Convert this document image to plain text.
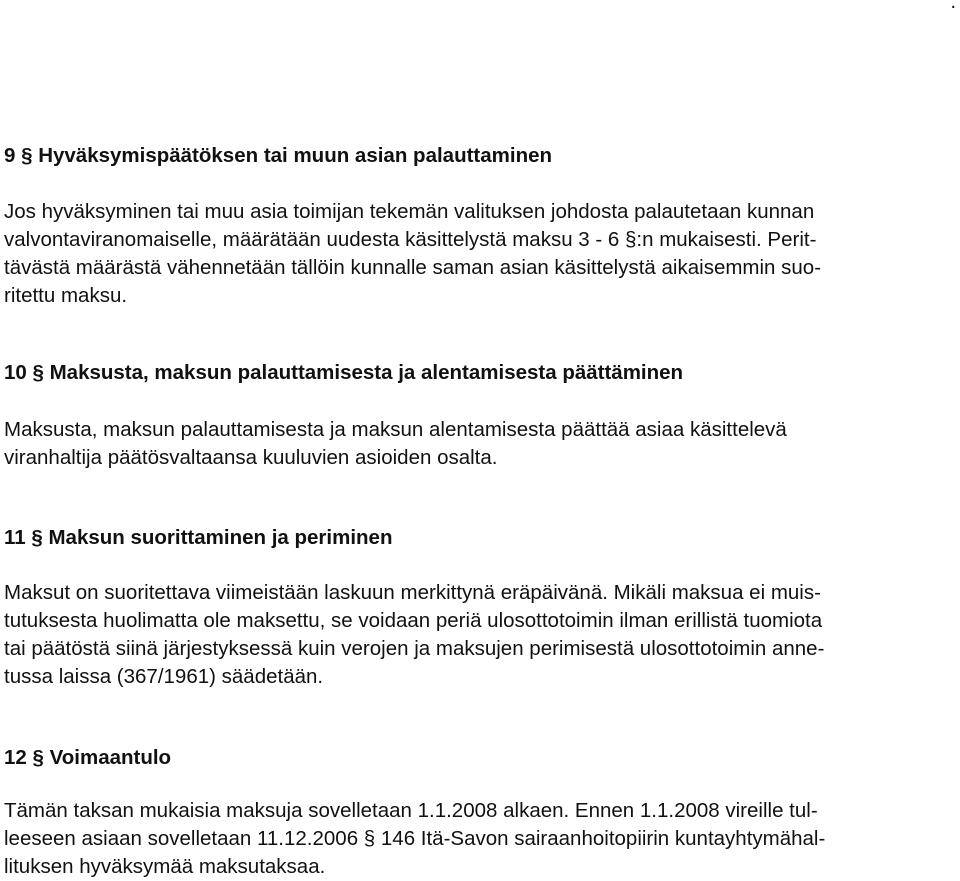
.
9 § Hyväksymispäätöksen tai muun asian palauttaminen
Jos hyväksyminen tai muu asia toimijan tekemän valituksen johdosta palautetaan kunnan
valvontaviranomaiselle, määrätään uudesta käsittelystä maksu 3 - 6 §:n mukaisesti. Perit-
tävästä määrästä vähennetään tällöin kunnalle saman asian käsittelystä aikaisemmin suo-
ritettu maksu.
10 § Maksusta, maksun palauttamisesta ja alentamisesta päättäminen
Maksusta, maksun palauttamisesta ja maksun alentamisesta päättää asiaa käsittelevä
viranhaltija päätösvaltaansa kuuluvien asioiden osalta.
11 § Maksun suorittaminen ja periminen
Maksut on suoritettava viimeistään laskuun merkittynä eräpäivänä. Mikäli maksua ei muis-
tutuksesta huolimatta ole maksettu, se voidaan periä ulosottotoimin ilman erillistä tuomiota
tai päätöstä siinä järjestyksessä kuin verojen ja maksujen perimisestä ulosottotoimin anne-
tussa laissa (367/1961) säädetään.
12 § Voimaantulo
Tämän taksan mukaisia maksuja sovelletaan 1.1.2008 alkaen. Ennen 1.1.2008 vireille tul-
leeseen asiaan sovelletaan 11.12.2006 § 146 Itä-Savon sairaanhoitopiirin kuntayhtymähal-
lituksen hyväksymää maksutaksaa.
